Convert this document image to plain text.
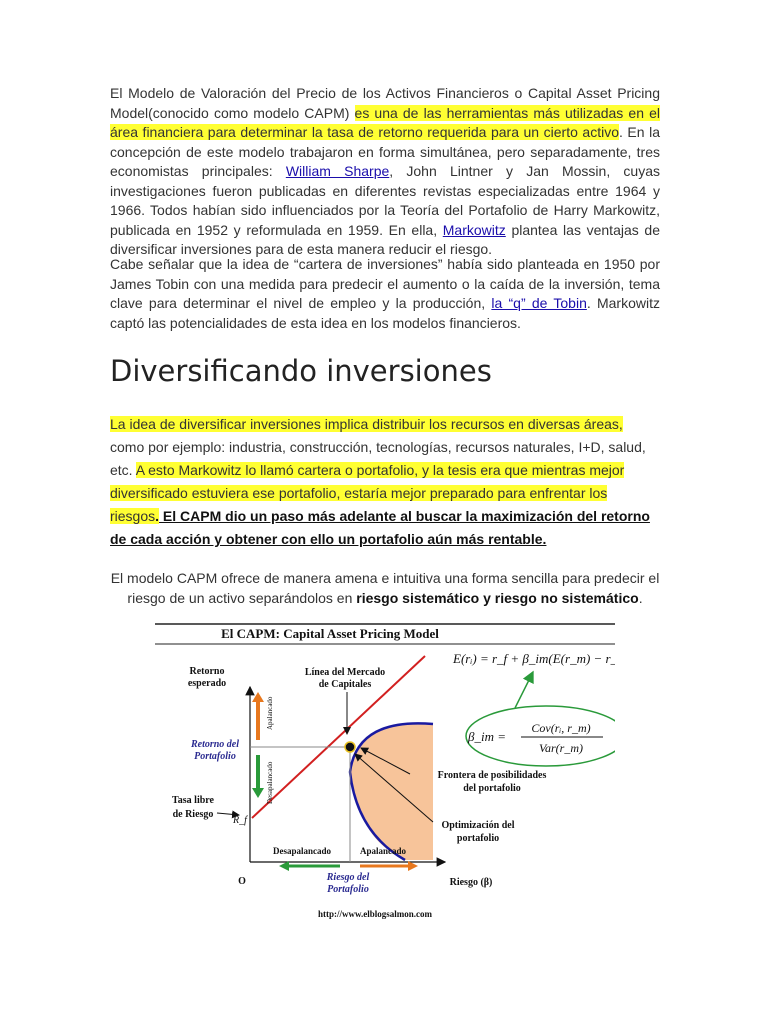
El Modelo de Valoración del Precio de los Activos Financieros o Capital Asset Pricing Model(conocido como modelo CAPM) es una de las herramientas más utilizadas en el área financiera para determinar la tasa de retorno requerida para un cierto activo. En la concepción de este modelo trabajaron en forma simultánea, pero separadamente, tres economistas principales: William Sharpe, John Lintner y Jan Mossin, cuyas investigaciones fueron publicadas en diferentes revistas especializadas entre 1964 y 1966. Todos habían sido influenciados por la Teoría del Portafolio de Harry Markowitz, publicada en 1952 y reformulada en 1959. En ella, Markowitz plantea las ventajas de diversificar inversiones para de esta manera reducir el riesgo.
Cabe señalar que la idea de “cartera de inversiones” había sido planteada en 1950 por James Tobin con una medida para predecir el aumento o la caída de la inversión, tema clave para determinar el nivel de empleo y la producción, la “q” de Tobin. Markowitz captó las potencialidades de esta idea en los modelos financieros.
Diversificando inversiones
La idea de diversificar inversiones implica distribuir los recursos en diversas áreas, como por ejemplo: industria, construcción, tecnologías, recursos naturales, I+D, salud, etc. A esto Markowitz lo llamó cartera o portafolio, y la tesis era que mientras mejor diversificado estuviera ese portafolio, estaría mejor preparado para enfrentar los riesgos. El CAPM dio un paso más adelante al buscar la maximización del retorno de cada acción y obtener con ello un portafolio aún más rentable.
El modelo CAPM ofrece de manera amena e intuitiva una forma sencilla para predecir el riesgo de un activo separándolos en riesgo sistemático y riesgo no sistemático.
El CAPM: Capital Asset Pricing Model
E(rᵢ) = r_f + β_im(E(r_m) − r_f
Retorno
esperado
Retorno del
Portafolio
Tasa libre
de Riesgo
R_f
O
Apalancado
Desapalancado
Línea del Mercado
de Capitales
β_im =
Cov(rᵢ, r_m)
Var(r_m)
Frontera de posibilidades
del portafolio
Optimización del
portafolio
Desapalancado	Apalancado
Riesgo (β)
Riesgo del
Portafolio
http://www.elblogsalmon.com
